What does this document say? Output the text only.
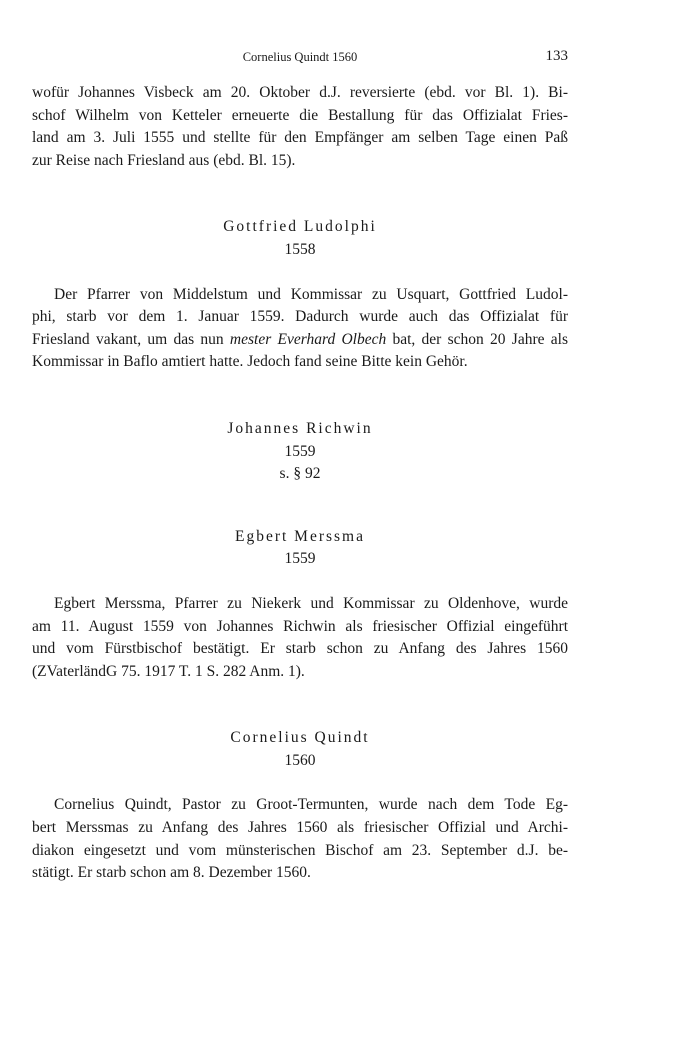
Cornelius Quindt 1560	133
wofür Johannes Visbeck am 20. Oktober d.J. reversierte (ebd. vor Bl. 1). Bi-
schof Wilhelm von Ketteler erneuerte die Bestallung für das Offizialat Fries-
land am 3. Juli 1555 und stellte für den Empfänger am selben Tage einen Paß
zur Reise nach Friesland aus (ebd. Bl. 15).
Gottfried Ludolphi
1558
Der Pfarrer von Middelstum und Kommissar zu Usquart, Gottfried Ludol-
phi, starb vor dem 1. Januar 1559. Dadurch wurde auch das Offizialat für
Friesland vakant, um das nun mester Everhard Olbech bat, der schon 20 Jahre als
Kommissar in Baflo amtiert hatte. Jedoch fand seine Bitte kein Gehör.
Johannes Richwin
1559
s. § 92
Egbert Merssma
1559
Egbert Merssma, Pfarrer zu Niekerk und Kommissar zu Oldenhove, wurde
am 11. August 1559 von Johannes Richwin als friesischer Offizial eingeführt
und vom Fürstbischof bestätigt. Er starb schon zu Anfang des Jahres 1560
(ZVaterländG 75. 1917 T. 1 S. 282 Anm. 1).
Cornelius Quindt
1560
Cornelius Quindt, Pastor zu Groot-Termunten, wurde nach dem Tode Eg-
bert Merssmas zu Anfang des Jahres 1560 als friesischer Offizial und Archi-
diakon eingesetzt und vom münsterischen Bischof am 23. September d.J. be-
stätigt. Er starb schon am 8. Dezember 1560.
